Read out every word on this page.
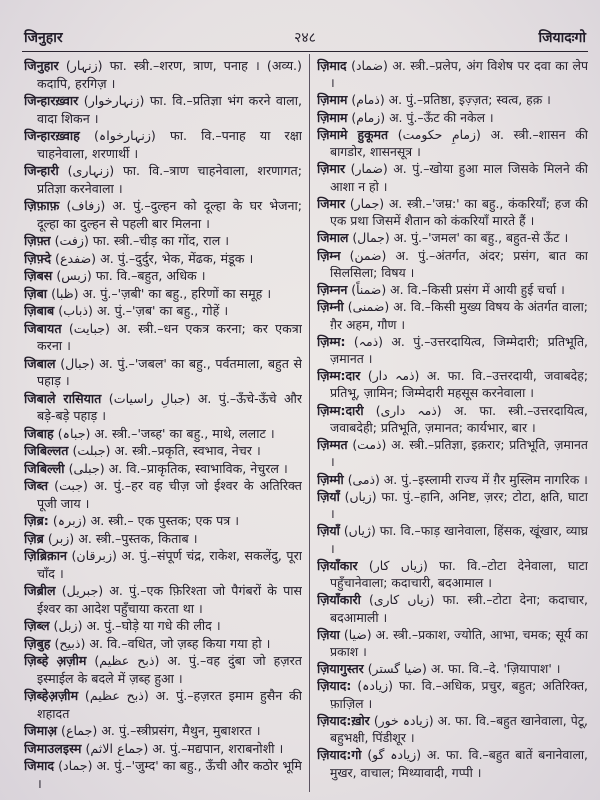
जिनुहार	२४८	जियादःगो

जिनुहार (زنہار) फा. स्त्री.–शरण, त्राण, पनाह । (अव्य.) कदापि, हरगिज़ ।

जिन्हारख़्वार (زنہارخوار) फा. वि.–प्रतिज्ञा भंग करने वाला, वादा शिकन ।

जिन्हारख़्वाह (زنہارخواہ) फा. वि.–पनाह या रक्षा चाहनेवाला, शरणार्थी ।

जिन्हारी (زنہاری) फा. वि.–त्राण चाहनेवाला, शरणागत; प्रतिज्ञा करनेवाला ।

ज़िफ़ाफ़ (زفاف) अ. पुं.–दुल्हन को दूल्हा के घर भेजना; दूल्हा का दुल्हन से पहली बार मिलना ।

ज़िफ़्त (زفت) फा. स्त्री.–चीड़ का गोंद, राल ।

ज़िफ़्दे (ضفدع) अ. पुं.–दुर्दुर, भेक, मेंढक, मंडूक ।

ज़िबस (زبس) फा. वि.–बहुत, अधिक ।

ज़िबा (ظبا) अ. पुं.–'ज़बी' का बहु., हरिणों का समूह ।

ज़िबाब (ذباب) अ. पुं.–'ज़ब' का बहु., गोहें ।

जिबायत (جبایت) अ. स्त्री.–धन एकत्र करना; कर एकत्रा करना ।

जिबाल (جبال) अ. पुं.–'जबल' का बहु., पर्वतमाला, बहुत से पहाड़ ।

जिबाले रासियात (جبالِ راسیات) अ. पुं.–ऊँचे-ऊँचे और बड़े-बड़े पहाड़ ।

जिबाह (جباہ) अ. स्त्री.–'जब्ह' का बहु., माथे, ललाट ।

जिबिल्लत (جبلت) अ. स्त्री.–प्रकृति, स्वभाव, नेचर ।

जिबिल्ली (جبلی) अ. वि.–प्राकृतिक, स्वाभाविक, नेचुरल ।

जिब्त (جبت) अ. पुं.–हर वह चीज़ जो ईश्वर के अतिरिक्त पूजी जाय ।

ज़िब्र: (زبرہ) अ. स्त्री.– एक पुस्तक; एक पत्र ।

ज़िब्र (زبر) अ. स्त्री.–पुस्तक, किताब ।

ज़िब्रिक़ान (زبرقان) अ. पुं.–संपूर्ण चंद्र, राकेश, सकलेंदु, पूरा चाँद ।

जिब्रील (جبریل) अ. पुं.–एक फ़िरिश्ता जो पैगंबरों के पास ईश्वर का आदेश पहुँचाया करता था ।

ज़िब्ल (زبل) अ. पुं.–घोड़े या गधे की लीद ।

ज़िबुह (ذبیح) अ. वि.–वधित, जो ज़ब्ह किया गया हो ।

ज़िब्हे अ़ज़ीम (ذبح عظیم) अ. पुं.–वह दुंबा जो हज़रत इस्माईल के बदले में ज़ब्ह हुआ ।

ज़िब्हेअ़ज़ीम (ذبح عظیم) अ. पुं.–हज़रत इमाम हुसैन की शहादत

जिमाअ़ (جماع) अ. पुं.–स्त्रीप्रसंग, मैथुन, मुबाशरत ।

जिमाउलइस्म (جماع الاثم) अ. पुं.–मद्यपान, शराबनोशी ।

जिमाद (جماد) अ. पुं.–'जुम्द' का बहु., ऊँची और कठोर भूमि ।

ज़िमाद (ضماد) अ. स्त्री.–प्रलेप, अंग विशेष पर दवा का लेप ।

ज़िमाम (ذمام) अ. पुं.–प्रतिष्ठा, इज़्ज़त; स्वत्व, हक़ ।

ज़िमाम (زمام) अ. पुं.–ऊँट की नकेल ।

ज़िमामे हुकूमत (زمامِ حکومت) अ. स्त्री.–शासन की बागडोर, शासनसूत्र ।

ज़िमार (ضمار) अ. पुं.–खोया हुआ माल जिसके मिलने की आशा न हो ।

जिमार (جمار) अ. स्त्री.–'जम्र:' का बहु., कंकरियाँ; हज की एक प्रथा जिसमें शैतान को कंकरियाँ मारते हैं ।

जिमाल (جمال) अ. पुं.–'जमल' का बहु., बहुत-से ऊँट ।

ज़िम्न (ضمن) अ. पुं.–अंतर्गत, अंदर; प्रसंग, बात का सिलसिला; विषय ।

ज़िम्नन (ضمناً) अ. वि.–किसी प्रसंग में आयी हुई चर्चा ।

ज़िम्नी (ضمنی) अ. वि.–किसी मुख्य विषय के अंतर्गत वाला; ग़ैर अहम, गौण ।

ज़िम्म: (ذمہ) अ. पुं.–उत्तरदायित्व, जिम्मेदारी; प्रतिभूति, ज़मानत ।

ज़िम्म:दार (ذمہ دار) अ. फा. वि.–उत्तरदायी, जवाबदेह; प्रतिभू, ज़ामिन; जिम्मेदारी महसूस करनेवाला ।

ज़िम्म:दारी (ذمہ داری) अ. फा. स्त्री.–उत्तरदायित्व, जवाबदेही; प्रतिभूति, ज़मानत; कार्यभार, बार ।

ज़िम्मत (ذمت) अ. स्त्री.–प्रतिज्ञा, इक़रार; प्रतिभूति, ज़मानत ।

ज़िम्मी (ذمی) अ. पुं.–इस्लामी राज्य में ग़ैर मुस्लिम नागरिक ।

ज़ियाँ (زیاں) फा. पुं.–हानि, अनिष्ट, ज़रर; टोटा, क्षति, घाटा ।

ज़ियाँ (ژیاں) फा. वि.–फाड़ खानेवाला, हिंसक, खूंखार, व्याघ्र ।

ज़ियाँकार (زیاں کار) फा. वि.–टोटा देनेवाला, घाटा पहुँचानेवाला; कदाचारी, बदआमाल ।

ज़ियाँकारी (زیاں کاری) फा. स्त्री.–टोटा देना; कदाचार, बदआमाली ।

ज़िया (ضیا) अ. स्त्री.–प्रकाश, ज्योति, आभा, चमक; सूर्य का प्रकाश ।

ज़ियागुस्तर (ضیا گستر) अ. फा. वि.–दे. 'ज़ियापाश' ।

ज़ियाद: (زیادہ) फा. वि.–अधिक, प्रचुर, बहुत; अतिरिक्त, फ़ाज़िल ।

ज़ियाद:ख़ोर (زیادہ خور) अ. फा. वि.–बहुत खानेवाला, पेटू, बहुभक्षी, पिंडीशूर ।

ज़ियाद:गो (زیادہ گو) अ. फा. वि.–बहुत बातें बनानेवाला, मुखर, वाचाल; मिथ्यावादी, गप्पी ।
